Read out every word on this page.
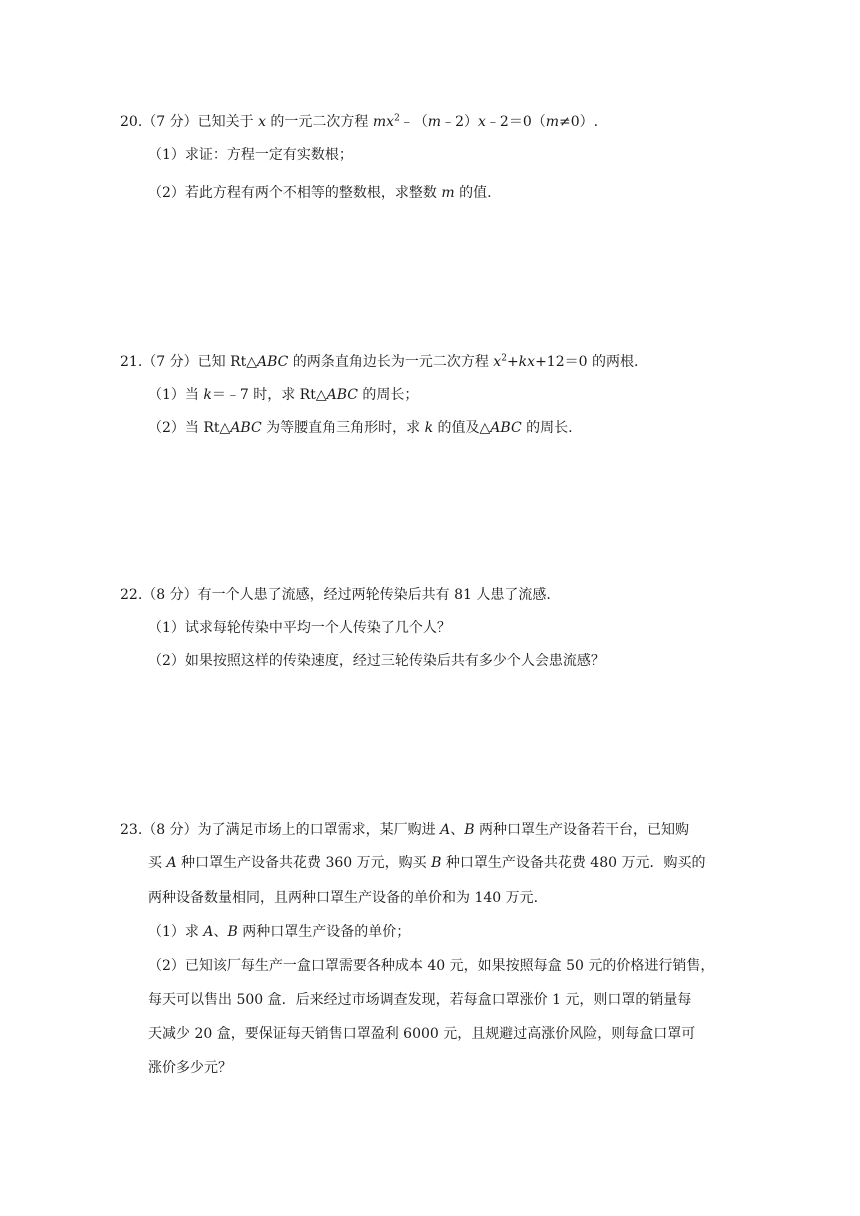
20.（7 分）已知关于 x 的一元二次方程 $mx^2﹣(m﹣2)x﹣2=0(m\ne 0)$.
（1）求证：方程一定有实数根；
（2）若此方程有两个不相等的整数根，求整数 m 的值.
21.（7 分）已知 Rt△ABC 的两条直角边长为一元二次方程 $x^2+kx+12=0$ 的两根.
（1）当 k＝﹣7 时，求 Rt△ABC 的周长；
（2）当 Rt△ABC 为等腰直角三角形时，求 k 的值及△ABC 的周长.
22.（8 分）有一个人患了流感，经过两轮传染后共有 81 人患了流感.
（1）试求每轮传染中平均一个人传染了几个人？
（2）如果按照这样的传染速度，经过三轮传染后共有多少个人会患流感？
23.（8 分）为了满足市场上的口罩需求，某厂购进 A、B 两种口罩生产设备若干台，已知购
买 A 种口罩生产设备共花费 360 万元，购买 B 种口罩生产设备共花费 480 万元．购买的
两种设备数量相同，且两种口罩生产设备的单价和为 140 万元.
（1）求 A、B 两种口罩生产设备的单价；
（2）已知该厂每生产一盒口罩需要各种成本 40 元，如果按照每盒 50 元的价格进行销售，
每天可以售出 500 盒．后来经过市场调查发现，若每盒口罩涨价 1 元，则口罩的销量每
天减少 20 盒，要保证每天销售口罩盈利 6000 元，且规避过高涨价风险，则每盒口罩可
涨价多少元？
